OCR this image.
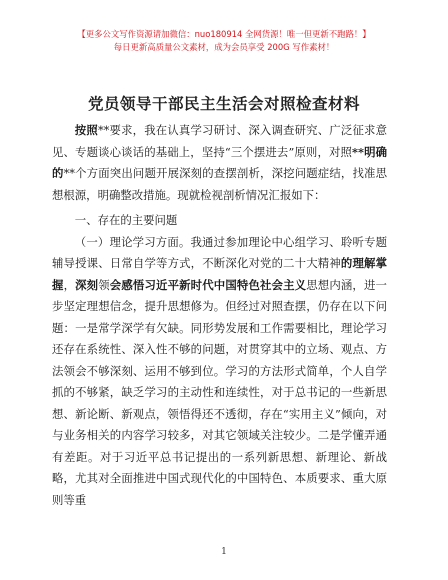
【更多公文写作资源请加微信：nuo180914 全网货源！唯一但更新不跑路！】
每日更新高质量公文素材，成为会员享受 200G 写作素材！
党员领导干部民主生活会对照检查材料

按照**要求，我在认真学习研讨、深入调查研究、广泛征求意见、专题谈心谈话的基础上，坚持“三个摆进去”原则，对照**明确的**个方面突出问题开展深刻的查摆剖析，深挖问题症结，找准思想根源，明确整改措施。现就检视剖析情况汇报如下：

一、存在的主要问题

（一）理论学习方面。我通过参加理论中心组学习、聆听专题辅导授课、日常自学等方式，不断深化对党的二十大精神的理解掌握，深刻领会感悟习近平新时代中国特色社会主义思想内涵，进一步坚定理想信念，提升思想修为。但经过对照查摆，仍存在以下问题：一是常学深学有欠缺。同形势发展和工作需要相比，理论学习还存在系统性、深入性不够的问题，对贯穿其中的立场、观点、方法领会不够深刻、运用不够到位。学习的方法形式简单，个人自学抓的不够紧，缺乏学习的主动性和连续性，对于总书记的一些新思想、新论断、新观点，领悟得还不透彻，存在“实用主义”倾向，对与业务相关的内容学习较多，对其它领域关注较少。二是学懂弄通有差距。对于习近平总书记提出的一系列新思想、新理论、新战略，尤其对全面推进中国式现代化的中国特色、本质要求、重大原则等重

1
